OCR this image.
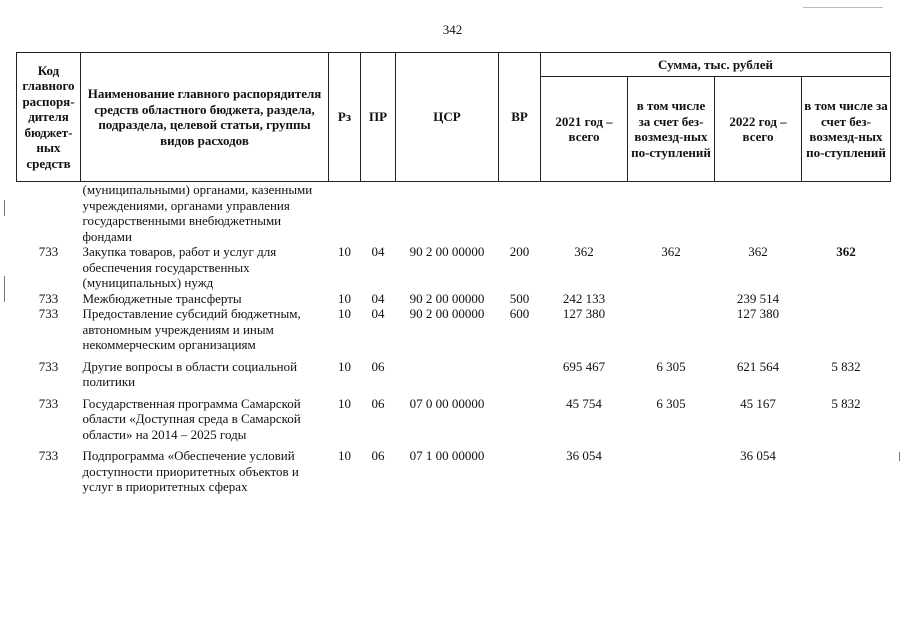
342
Код главного распоря-дителя бюджет-ных средств	Наименование главного распорядителя средств областного бюджета, раздела, подраздела, целевой статьи, группы видов расходов	Рз	ПР	ЦСР	ВР	Сумма, тыс. рублей			
						2021 год – всего	в том числе за счет без-возмезд-ных по-ступлений	2022 год – всего	в том числе за счет без-возмезд-ных по-ступлений
	(муниципальными) органами, казенными учреждениями, органами управления государственными внебюджетными фондами								
733	Закупка товаров, работ и услуг для обеспечения государственных (муниципальных) нужд	10	04	90 2 00 00000	200	362	362	362	362
733	Межбюджетные трансферты	10	04	90 2 00 00000	500	242 133		239 514	
733	Предоставление субсидий бюджетным, автономным учреждениям и иным некоммерческим организациям	10	04	90 2 00 00000	600	127 380		127 380	
733	Другие вопросы в области социальной политики	10	06			695 467	6 305	621 564	5 832
733	Государственная программа Самарской области «Доступная среда в Самарской области» на 2014 – 2025 годы	10	06	07 0 00 00000		45 754	6 305	45 167	5 832
733	Подпрограмма «Обеспечение условий доступности приоритетных объектов и услуг в приоритетных сферах	10	06	07 1 00 00000		36 054		36 054	
